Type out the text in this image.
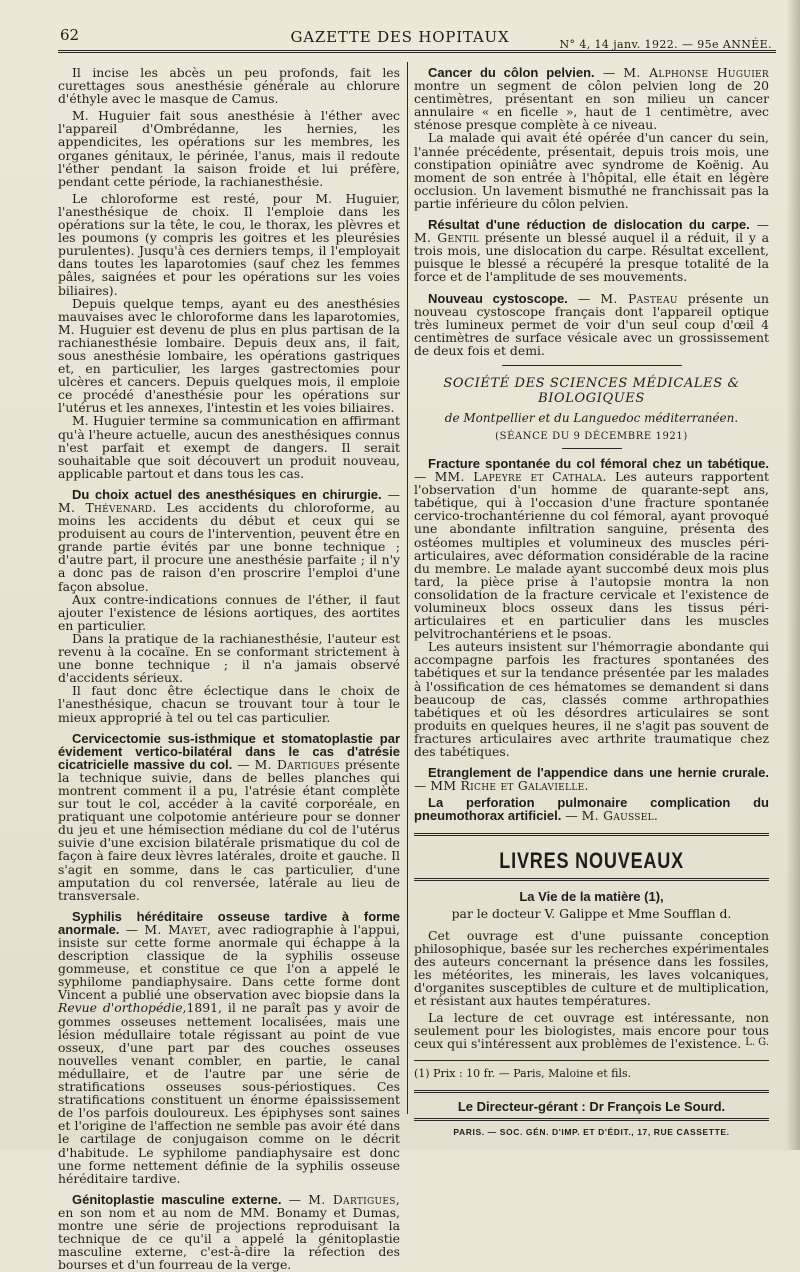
62	GAZETTE DES HOPITAUX	N° 4, 14 janv. 1922. — 95e ANNÉE.

Il incise les abcès un peu profonds, fait les curettages sous anesthésie générale au chlorure d'éthyle avec le masque de Camus.

M. Huguier fait sous anesthésie à l'éther avec l'appareil d'Ombrédanne, les hernies, les appendicites, les opérations sur les membres, les organes génitaux, le périnée, l'anus, mais il redoute l'éther pendant la saison froide et lui préfère, pendant cette période, la rachianesthésie.

Le chloroforme est resté, pour M. Huguier, l'anesthésique de choix. Il l'emploie dans les opérations sur la tête, le cou, le thorax, les plèvres et les poumons (y compris les goitres et les pleurésies purulentes). Jusqu'à ces derniers temps, il l'employait dans toutes les laparotomies (sauf chez les femmes pâles, saignées et pour les opérations sur les voies biliaires).

Depuis quelque temps, ayant eu des anesthésies mauvaises avec le chloroforme dans les laparotomies, M. Huguier est devenu de plus en plus partisan de la rachianesthésie lombaire. Depuis deux ans, il fait, sous anesthésie lombaire, les opérations gastriques et, en particulier, les larges gastrectomies pour ulcères et cancers. Depuis quelques mois, il emploie ce procédé d'anesthésie pour les opérations sur l'utérus et les annexes, l'intestin et les voies biliaires.

M. Huguier termine sa communication en affirmant qu'à l'heure actuelle, aucun des anesthésiques connus n'est parfait et exempt de dangers. Il serait souhaitable que soit découvert un produit nouveau, applicable partout et dans tous les cas.

Du choix actuel des anesthésiques en chirurgie. — M. Thévenard. Les accidents du chloroforme, au moins les accidents du début et ceux qui se produisent au cours de l'intervention, peuvent être en grande partie évités par une bonne technique ; d'autre part, il procure une anesthésie parfaite ; il n'y a donc pas de raison d'en proscrire l'emploi d'une façon absolue.

Aux contre-indications connues de l'éther, il faut ajouter l'existence de lésions aortiques, des aortites en particulier.

Dans la pratique de la rachianesthésie, l'auteur est revenu à la cocaïne. En se conformant strictement à une bonne technique ; il n'a jamais observé d'accidents sérieux.

Il faut donc être éclectique dans le choix de l'anesthésique, chacun se trouvant tour à tour le mieux approprié à tel ou tel cas particulier.

Cervicectomie sus-isthmique et stomatoplastie par évidement vertico-bilatéral dans le cas d'atrésie cicatricielle massive du col. — M. Dartigues présente la technique suivie, dans de belles planches qui montrent comment il a pu, l'atrésie étant complète sur tout le col, accéder à la cavité corporéale, en pratiquant une colpotomie antérieure pour se donner du jeu et une hémisection médiane du col de l'utérus suivie d'une excision bilatérale prismatique du col de façon à faire deux lèvres latérales, droite et gauche. Il s'agit en somme, dans le cas particulier, d'une amputation du col renversée, latérale au lieu de transversale.

Syphilis héréditaire osseuse tardive à forme anormale. — M. Mayet, avec radiographie à l'appui, insiste sur cette forme anormale qui échappe à la description classique de la syphilis osseuse gommeuse, et constitue ce que l'on a appelé le syphilome pandiaphysaire. Dans cette forme dont Vincent a publié une observation avec biopsie dans la Revue d'orthopédie,1891, il ne paraît pas y avoir de gommes osseuses nettement localisées, mais une lésion médullaire totale régissant au point de vue osseux, d'une part par des couches osseuses nouvelles venant combler, en partie, le canal médullaire, et de l'autre par une série de stratifications osseuses sous-périostiques. Ces stratifications constituent un énorme épaississement de l'os parfois douloureux. Les épiphyses sont saines et l'origine de l'affection ne semble pas avoir été dans le cartilage de conjugaison comme on le décrit d'habitude. Le syphilome pandiaphysaire est donc une forme nettement définie de la syphilis osseuse héréditaire tardive.

Génitoplastie masculine externe. — M. Dartigues, en son nom et au nom de MM. Bonamy et Dumas, montre une série de projections reproduisant la technique de ce qu'il a appelé la génitoplastie masculine externe, c'est-à-dire la réfection des bourses et d'un fourreau de la verge.

Cancer du côlon pelvien. — M. Alphonse Huguier montre un segment de côlon pelvien long de 20 centimètres, présentant en son milieu un cancer annulaire « en ficelle », haut de 1 centimètre, avec sténose presque complète à ce niveau.

La malade qui avait été opérée d'un cancer du sein, l'année précédente, présentait, depuis trois mois, une constipation opiniâtre avec syndrome de Koënig. Au moment de son entrée à l'hôpital, elle était en légère occlusion. Un lavement bismuthé ne franchissait pas la partie inférieure du côlon pelvien.

Résultat d'une réduction de dislocation du carpe. — M. Gentil présente un blessé auquel il a réduit, il y a trois mois, une dislocation du carpe. Résultat excellent, puisque le blessé a récupéré la presque totalité de la force et de l'amplitude de ses mouvements.

Nouveau cystoscope. — M. Pasteau présente un nouveau cystoscope français dont l'appareil optique très lumineux permet de voir d'un seul coup d'œil 4 centimètres de surface vésicale avec un grossissement de deux fois et demi.

SOCIÉTÉ DES SCIENCES MÉDICALES & BIOLOGIQUES
de Montpellier et du Languedoc méditerranéen.
(SÉANCE DU 9 DÉCEMBRE 1921)

Fracture spontanée du col fémoral chez un tabétique. — MM. Lapeyre et Cathala. Les auteurs rapportent l'observation d'un homme de quarante-sept ans, tabétique, qui à l'occasion d'une fracture spontanée cervico-trochantérienne du col fémoral, ayant provoqué une abondante infiltration sanguine, présenta des ostéomes multiples et volumineux des muscles péri-articulaires, avec déformation considérable de la racine du membre. Le malade ayant succombé deux mois plus tard, la pièce prise à l'autopsie montra la non consolidation de la fracture cervicale et l'existence de volumineux blocs osseux dans les tissus péri-articulaires et en particulier dans les muscles pelvitrochantériens et le psoas.

Les auteurs insistent sur l'hémorragie abondante qui accompagne parfois les fractures spontanées des tabétiques et sur la tendance présentée par les malades à l'ossification de ces hématomes se demandent si dans beaucoup de cas, classés comme arthropathies tabétiques et où les désordres articulaires se sont produits en quelques heures, il ne s'agit pas souvent de fractures articulaires avec arthrite traumatique chez des tabétiques.

Etranglement de l'appendice dans une hernie crurale. — MM Riche et Galavielle.

La perforation pulmonaire complication du pneumothorax artificiel. — M. Gaussel.

LIVRES NOUVEAUX
La Vie de la matière (1),
par le docteur V. Galippe et Mme Soufflan d.

Cet ouvrage est d'une puissante conception philosophique, basée sur les recherches expérimentales des auteurs concernant la présence dans les fossiles, les météorites, les minerais, les laves volcaniques, d'organites susceptibles de culture et de multiplication, et résistant aux hautes températures.

La lecture de cet ouvrage est intéressante, non seulement pour les biologistes, mais encore pour tous ceux qui s'intéressent aux problèmes de l'existence. L. G.

(1) Prix : 10 fr. — Paris, Maloine et fils.

Le Directeur-gérant : Dr François Le Sourd.
PARIS. — SOC. GÉN. D'IMP. ET D'ÉDIT., 17, RUE CASSETTE.
